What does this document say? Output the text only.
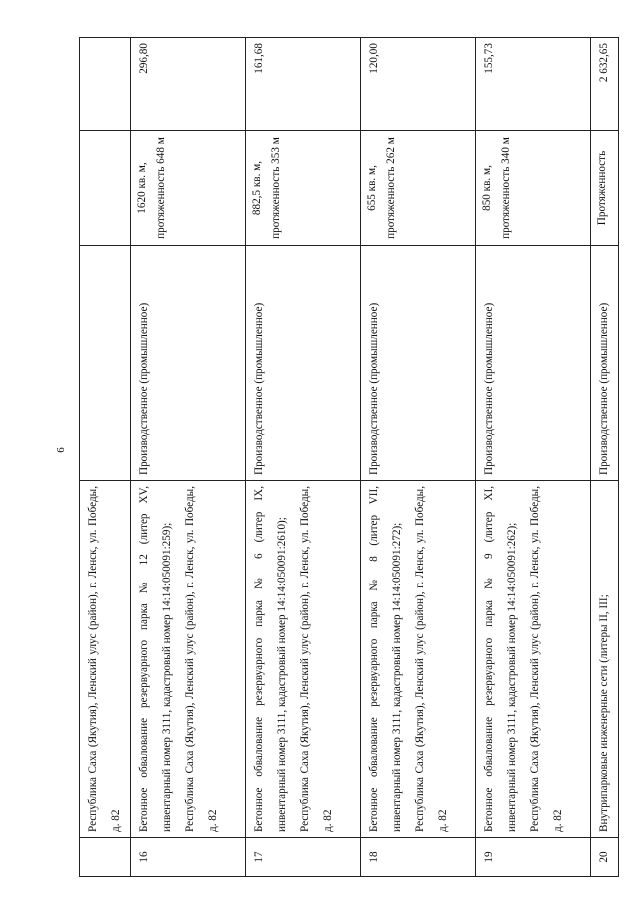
6
	Республика Саха (Якутия), Ленский улус (район), г. Ленск, ул. Победы, д. 82			
16	Бетонное обвалование резервуарного парка № 12 (литер XV, инвентарный номер 3111, кадастровый номер 14:14:050091:259); Республика Саха (Якутия), Ленский улус (район), г. Ленск, ул. Победы, д. 82	Производственное (промышленное)	1620 кв. м, протяженность 648 м	296,80
17	Бетонное обвалование резервуарного парка № 6 (литер IX, инвентарный номер 3111, кадастровый номер 14:14:050091:2610); Республика Саха (Якутия), Ленский улус (район), г. Ленск, ул. Победы, д. 82	Производственное (промышленное)	882,5 кв. м, протяженность 353 м	161,68
18	Бетонное обвалование резервуарного парка № 8 (литер VII, инвентарный номер 3111, кадастровый номер 14:14:050091:272); Республика Саха (Якутия), Ленский улус (район), г. Ленск, ул. Победы, д. 82	Производственное (промышленное)	655 кв. м, протяженность 262 м	120,00
19	Бетонное обвалование резервуарного парка № 9 (литер XI, инвентарный номер 3111, кадастровый номер 14:14:050091:262); Республика Саха (Якутия), Ленский улус (район), г. Ленск, ул. Победы, д. 82	Производственное (промышленное)	850 кв. м, протяженность 340 м	155,73
20	Внутрипарковые инженерные сети (литеры II, III;	Производственное (промышленное)	Протяженность	2 632,65
